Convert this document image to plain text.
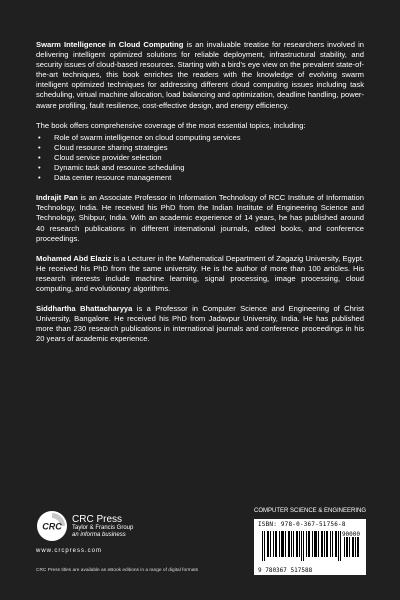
Swarm Intelligence in Cloud Computing is an invaluable treatise for researchers involved in delivering intelligent optimized solutions for reliable deployment, infrastructural stability, and security issues of cloud-based resources. Starting with a bird’s eye view on the prevalent state-of-the-art techniques, this book enriches the readers with the knowledge of evolving swarm intelligent optimized techniques for addressing different cloud computing issues including task scheduling, virtual machine allocation, load balancing and optimization, deadline handling, power-aware profiling, fault resilience, cost-effective design, and energy efficiency.

The book offers comprehensive coverage of the most essential topics, including:

• Role of swarm intelligence on cloud computing services
• Cloud resource sharing strategies
• Cloud service provider selection
• Dynamic task and resource scheduling
• Data center resource management

Indrajit Pan is an Associate Professor in Information Technology of RCC Institute of Information Technology, India. He received his PhD from the Indian Institute of Engineering Science and Technology, Shibpur, India. With an academic experience of 14 years, he has published around 40 research publications in different international journals, edited books, and conference proceedings.

Mohamed Abd Elaziz is a Lecturer in the Mathematical Department of Zagazig University, Egypt. He received his PhD from the same university. He is the author of more than 100 articles. His research interests include machine learning, signal processing, image processing, cloud computing, and evolutionary algorithms.

Siddhartha Bhattacharyya is a Professor in Computer Science and Engineering of Christ University, Bangalore. He received his PhD from Jadavpur University, India. He has published more than 230 research publications in international journals and conference proceedings in his 20 years of academic experience.

CRC
CRC Press
Taylor & Francis Group
an informa business
www.crcpress.com
CRC Press titles are available as eBook editions in a range of digital formats
COMPUTER SCIENCE & ENGINEERING
ISBN: 978-0-367-51756-8
90000
9 780367 517588
